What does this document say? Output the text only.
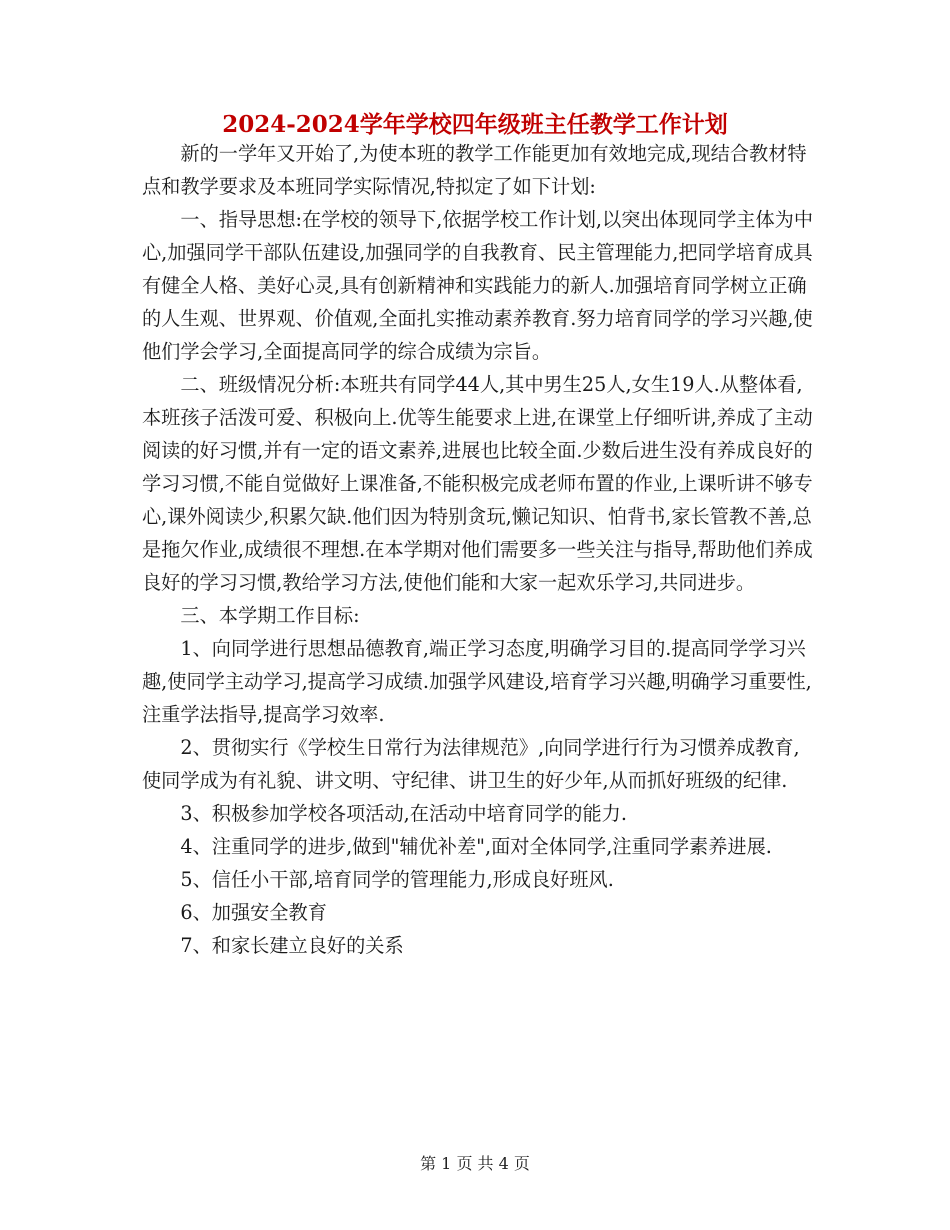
2024-2024学年学校四年级班主任教学工作计划

新的一学年又开始了,为使本班的教学工作能更加有效地完成,现结合教材特点和教学要求及本班同学实际情况,特拟定了如下计划:

一、指导思想:在学校的领导下,依据学校工作计划,以突出体现同学主体为中心,加强同学干部队伍建设,加强同学的自我教育、民主管理能力,把同学培育成具有健全人格、美好心灵,具有创新精神和实践能力的新人.加强培育同学树立正确的人生观、世界观、价值观,全面扎实推动素养教育.努力培育同学的学习兴趣,使他们学会学习,全面提高同学的综合成绩为宗旨。

二、班级情况分析:本班共有同学44人,其中男生25人,女生19人.从整体看,本班孩子活泼可爱、积极向上.优等生能要求上进,在课堂上仔细听讲,养成了主动阅读的好习惯,并有一定的语文素养,进展也比较全面.少数后进生没有养成良好的学习习惯,不能自觉做好上课准备,不能积极完成老师布置的作业,上课听讲不够专心,课外阅读少,积累欠缺.他们因为特别贪玩,懒记知识、怕背书,家长管教不善,总是拖欠作业,成绩很不理想.在本学期对他们需要多一些关注与指导,帮助他们养成良好的学习习惯,教给学习方法,使他们能和大家一起欢乐学习,共同进步。

三、本学期工作目标:

1、向同学进行思想品德教育,端正学习态度,明确学习目的.提高同学学习兴趣,使同学主动学习,提高学习成绩.加强学风建设,培育学习兴趣,明确学习重要性,注重学法指导,提高学习效率.

2、贯彻实行《学校生日常行为法律规范》,向同学进行行为习惯养成教育,使同学成为有礼貌、讲文明、守纪律、讲卫生的好少年,从而抓好班级的纪律.

3、积极参加学校各项活动,在活动中培育同学的能力.

4、注重同学的进步,做到"辅优补差",面对全体同学,注重同学素养进展.

5、信任小干部,培育同学的管理能力,形成良好班风.

6、加强安全教育

7、和家长建立良好的关系

第 1 页 共 4 页
